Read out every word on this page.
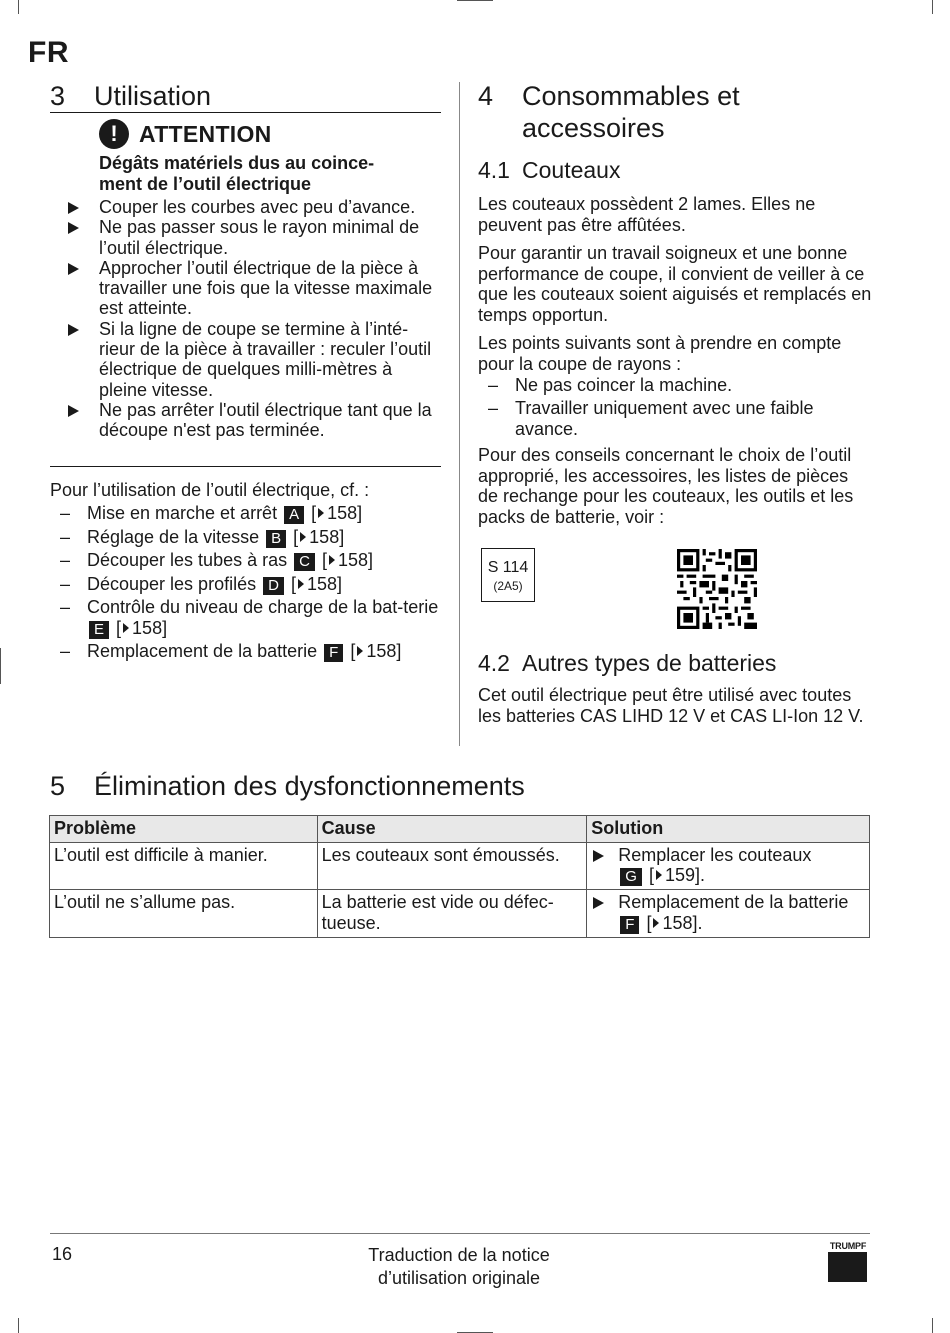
FR
3 Utilisation
! ATTENTION
Dégâts matériels dus au coince-
ment de l’outil électrique
Couper les courbes avec peu d’avance.
Ne pas passer sous le rayon minimal de l’outil électrique.
Approcher l’outil électrique de la pièce à travailler une fois que la vitesse maximale est atteinte.
Si la ligne de coupe se termine à l’inté-rieur de la pièce à travailler : reculer l’outil électrique de quelques milli-mètres à pleine vitesse.
Ne pas arrêter l'outil électrique tant que la découpe n'est pas terminée.
Pour l’utilisation de l’outil électrique, cf. :
– Mise en marche et arrêt A [ 158]
– Réglage de la vitesse B [ 158]
– Découper les tubes à ras C [ 158]
– Découper les profilés D [ 158]
– Contrôle du niveau de charge de la bat-terie E [ 158]
– Remplacement de la batterie F [ 158]
4 Consommables et accessoires
4.1 Couteaux

Les couteaux possèdent 2 lames. Elles ne peuvent pas être affûtées.

Pour garantir un travail soigneux et une bonne performance de coupe, il convient de veiller à ce que les couteaux soient aiguisés et remplacés en temps opportun.

Les points suivants sont à prendre en compte pour la coupe de rayons :

– Ne pas coincer la machine.
– Travailler uniquement avec une faible avance.

Pour des conseils concernant le choix de l’outil approprié, les accessoires, les listes de pièces de rechange pour les couteaux, les outils et les packs de batterie, voir :

S 114
(2A5)
4.2 Autres types de batteries

Cet outil électrique peut être utilisé avec toutes les batteries CAS LIHD 12 V et CAS LI-Ion 12 V.

5 Élimination des dysfonctionnements
Problème	Cause	Solution
L’outil est difficile à manier.	Les couteaux sont émoussés.	Remplacer les couteaux
G [ 159].

L’outil ne s’allume pas.	La batterie est vide ou défec-tueuse.	Remplacement de la batterie F [ 158].
16	Traduction de la notice
d’utilisation originale
TRUMPF
